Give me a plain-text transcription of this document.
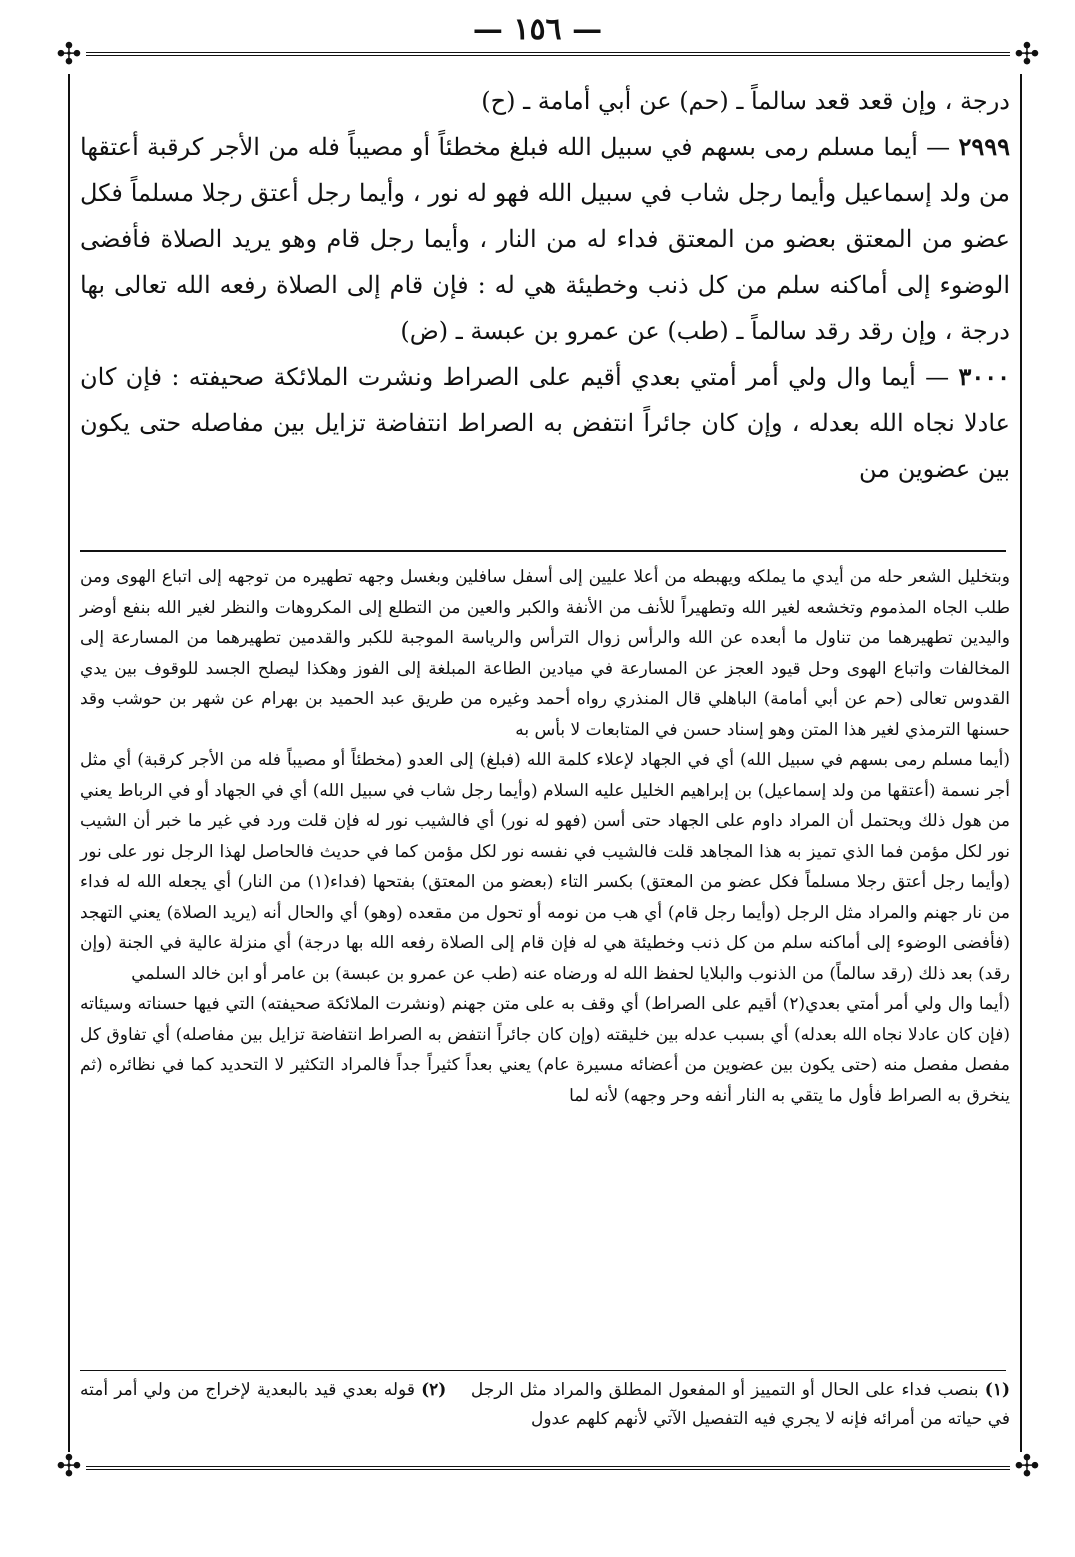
— ١٥٦ —
✣	✣
✣	✣

درجة ، وإن قعد قعد سالماً ـ (حم) عن أبي أمامة ـ (ح)

٢٩٩٩ — أيما مسلم رمى بسهم في سبيل الله فبلغ مخطئاً أو مصيباً فله من الأجر كرقبة أعتقها من ولد إسماعيل وأيما رجل شاب في سبيل الله فهو له نور ، وأيما رجل أعتق رجلا مسلماً فكل عضو من المعتق بعضو من المعتق فداء له من النار ، وأيما رجل قام وهو يريد الصلاة فأفضى الوضوء إلى أماكنه سلم من كل ذنب وخطيئة هي له : فإن قام إلى الصلاة رفعه الله تعالى بها درجة ، وإن رقد رقد سالماً ـ (طب) عن عمرو بن عبسة ـ (ض)

٣٠٠٠ — أيما وال ولي أمر أمتي بعدي أقيم على الصراط ونشرت الملائكة صحيفته : فإن كان عادلا نجاه الله بعدله ، وإن كان جائراً انتفض به الصراط انتفاضة تزايل بين مفاصله حتى يكون بين عضوين من

وبتخليل الشعر حله من أيدي ما يملكه ويهبطه من أعلا عليين إلى أسفل سافلين وبغسل وجهه تطهيره من توجهه إلى اتباع الهوى ومن طلب الجاه المذموم وتخشعه لغير الله وتطهيراً للأنف من الأنفة والكبر والعين من التطلع إلى المكروهات والنظر لغير الله بنفع أوضر واليدين تطهيرهما من تناول ما أبعده عن الله والرأس زوال الترأس والرياسة الموجبة للكبر والقدمين تطهيرهما من المسارعة إلى المخالفات واتباع الهوى وحل قيود العجز عن المسارعة في ميادين الطاعة المبلغة إلى الفوز وهكذا ليصلح الجسد للوقوف بين يدي القدوس تعالى (حم عن أبي أمامة) الباهلي قال المنذري رواه أحمد وغيره من طريق عبد الحميد بن بهرام عن شهر بن حوشب وقد حسنها الترمذي لغير هذا المتن وهو إسناد حسن في المتابعات لا بأس به

(أيما مسلم رمى بسهم في سبيل الله) أي في الجهاد لإعلاء كلمة الله (فبلغ) إلى العدو (مخطئاً أو مصيباً فله من الأجر كرقبة) أي مثل أجر نسمة (أعتقها من ولد إسماعيل) بن إبراهيم الخليل عليه السلام (وأيما رجل شاب في سبيل الله) أي في الجهاد أو في الرباط يعني من هول ذلك ويحتمل أن المراد داوم على الجهاد حتى أسن (فهو له نور) أي فالشيب نور له فإن قلت ورد في غير ما خبر أن الشيب نور لكل مؤمن فما الذي تميز به هذا المجاهد قلت فالشيب في نفسه نور لكل مؤمن كما في حديث فالحاصل لهذا الرجل نور على نور (وأيما رجل أعتق رجلا مسلماً فكل عضو من المعتق) بكسر التاء (بعضو من المعتق) بفتحها (فداء(١) من النار) أي يجعله الله له فداء من نار جهنم والمراد مثل الرجل (وأيما رجل قام) أي هب من نومه أو تحول من مقعده (وهو) أي والحال أنه (يريد الصلاة) يعني التهجد (فأفضى الوضوء إلى أماكنه سلم من كل ذنب وخطيئة هي له فإن قام إلى الصلاة رفعه الله بها درجة) أي منزلة عالية في الجنة (وإن رقد) بعد ذلك (رقد سالماً) من الذنوب والبلايا لحفظ الله له ورضاه عنه (طب عن عمرو بن عبسة) بن عامر أو ابن خالد السلمي

(أيما وال ولي أمر أمتي بعدي(٢) أقيم على الصراط) أي وقف به على متن جهنم (ونشرت الملائكة صحيفته) التي فيها حسناته وسيئاته (فإن كان عادلا نجاه الله بعدله) أي بسبب عدله بين خليقته (وإن كان جائراً انتفض به الصراط انتفاضة تزايل بين مفاصله) أي تفاوق كل مفصل مفصل منه (حتى يكون بين عضوين من أعضائه مسيرة عام) يعني بعداً كثيراً جداً فالمراد التكثير لا التحديد كما في نظائره (ثم ينخرق به الصراط فأول ما يتقي به النار أنفه وحر وجهه) لأنه لما

(١) بنصب فداء على الحال أو التمييز أو المفعول المطلق والمراد مثل الرجل    (٢) قوله بعدي قيد بالبعدية لإخراج من ولي أمر أمته في حياته من أمرائه فإنه لا يجري فيه التفصيل الآتي لأنهم كلهم عدول
